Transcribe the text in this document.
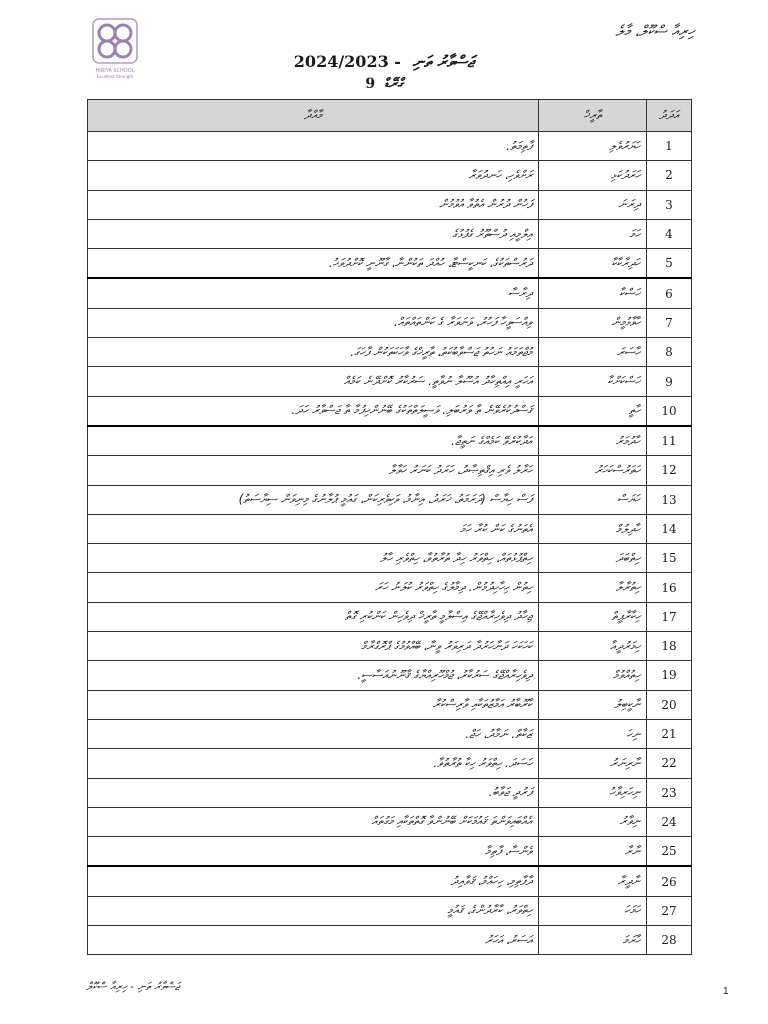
ހިރިއާ ސްކޫލް، މާލެ
HIRIYA SCHOOL
Excellent Strength
2024/2023 - ޖަސްވާރު ތަނި
9 ގްރޭޑް
އަދަދު	ތާރީޚް	މާއްދާ
1	ހަޔަރުވެލި	ފާތިމަތު.
2	ހަރަދުކަޅި	ރަށްވެހި، ހަނދުވަރާ
3	ދިރަނަ	ފަހުން ދުރުން އެތުވާ އުވުމުން
4	ހަމަ	އިލްމީއި ދުސްތޫރު ގެފުޅުގެ
5	ހަދިރާކާކާ	ދަރުސްތަކުގެ، ކަނކީސްޓާ، ހުއްދަ ތަކުންނާ، ގާނޫނީ ކޮށްދުވަހު.
6	ހަސްކާ	ދިރާސާ
7	ހާވާޅުމީން	ވިއްސަވީހާ ފަހުރު، ވަނަވަރާ ގެ ކަންތައްތައް.
8	ހާސަރަ	މުޖްތަމައު ނަހުތު ޖަސްވާބުކަތު، ތާރީޚްގެ ވާހަކަތަކުން ފާހަގަ.
9	ހަސްކަށްކާ	އަހަރީ އިއްތިހާދު އުސޫލާ ނުވާތީ. ސަރުކާރު ކޮށްދޭނެ ކަމެއް
10	ހާތީ	ޤަސްދުކުރެވޭނެ ތާ ވަރުބަލި. ވަސީލަތްތަކުގެ ބޭނުންހިފުމާ ތާ ޖަސްވާރު ހަދަ.
11	ހާދުމަރު	އަދާކުރެވޭ ކަމެއްގެ ނަތީޖާ.
12	ހަތަރުސްކަހަރު	ހަރާލު ވެރި އިޤްތިޞާދު، ހަރަދު ކަނަރު ހަވާލާ
13	ހަޔަސް	ފަސް ހިޔާސް (ދަރަމަތު، ޚަރަދު، އިނާމު، ވަކިވެރިކަން، ގައުމީ ޕުލާނުގެ މިނިވަން ސިޔާސަތު)
14	ހާދިލުމް	އެތަނުގެ ކަން ކުރާ ހަމަ
15	ހިތްބަދަ	ހިތްޕުޅުތައް، ހިތްވަރު ހިދާ ތުރާތުވާ، ހިތްވެރި ހާލު
16	ހިތުރާލާ	ހިތުން ހިހާހިދުމުން. ދިމާލުގެ ހިތްވަރު ކުލަނު ހަރަ
17	ހިކާރާޕީތް	ޖިހާދު ދިވެހިރާއްޖޭގެ އިސްލާމީ ތާރީޚް ދިވެހިން ކަންކުރި ގޮތް
18	ހިމަރުދީއާ	ކަހަކަހަ ދަނާހަރުދާ ދަރިވަރު ވީނާ، ބޭއްވުމުގެ ޕްރޮގްރާމް
19	ހިތުއްވުމް	ދިވެހިރާއްޖޭގެ ސަރުކާރު، ޖުމްހޫރިއްޔާގެ ޤާނޫނުއަސާސީ.
20	ނާކީބިލު	ކާރޫބާރު އަމާޒުތަކާއި ވާރިސްކުރާ
21	ނިހަ	ޒަކާތް. ނަމާދު، ހަޖް.
22	ނާރިނަރު	ހަސަދަ. ހިތްވަރު ހިކާ ތުރާތުވާ.
23	ނިހަރިވާހު	ފަރުދީ ޖަވާބު.
24	ނިވާރު	އެއްބައިވަންތަ ޤައުމަކަށް ބޭނުންވާ ގޮތްތަކާއި މަގުތައް
25	ނާރާ	ވެންސާ، ފާތިމާ
26	ނާދީރާ	ދާފާތިމި، ހިހައްމު، ޤަވާއިދު
27	ހަމަހަ	ހިތްވަރު، ކާރާދުންގެ، ޤައުމީ
28	ހާރަމަ	އަސަރު، އަހަރު
ޖަސްވާރު ތަނި - ހިރިއާ ސްކޫލް	1
